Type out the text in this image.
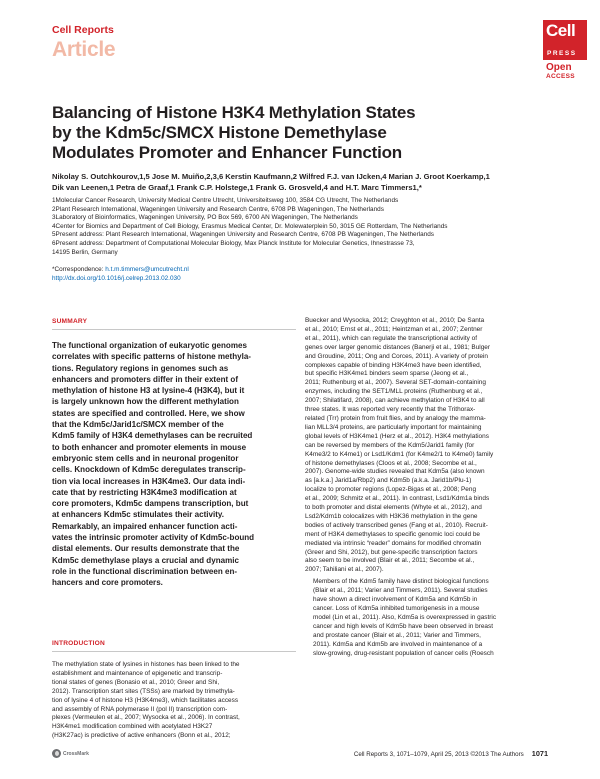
Cell Reports
Article
Cell
PRESS
Open
ACCESS
Balancing of Histone H3K4 Methylation States
by the Kdm5c/SMCX Histone Demethylase
Modulates Promoter and Enhancer Function
Nikolay S. Outchkourov,1,5 Jose M. Muiño,2,3,6 Kerstin Kaufmann,2 Wilfred F.J. van IJcken,4 Marian J. Groot Koerkamp,1
Dik van Leenen,1 Petra de Graaf,1 Frank C.P. Holstege,1 Frank G. Grosveld,4 and H.T. Marc Timmers1,*
1Molecular Cancer Research, University Medical Centre Utrecht, Universiteitsweg 100, 3584 CG Utrecht, The Netherlands
2Plant Research International, Wageningen University and Research Centre, 6708 PB Wageningen, The Netherlands
3Laboratory of Bioinformatics, Wageningen University, PO Box 569, 6700 AN Wageningen, The Netherlands
4Center for Biomics and Department of Cell Biology, Erasmus Medical Center, Dr. Molewaterplein 50, 3015 GE Rotterdam, The Netherlands
5Present address: Plant Research International, Wageningen University and Research Centre, 6708 PB Wageningen, The Netherlands
6Present address: Department of Computational Molecular Biology, Max Planck Institute for Molecular Genetics, Ihnestrasse 73,
14195 Berlin, Germany
*Correspondence: h.t.m.timmers@umcutrecht.nl
http://dx.doi.org/10.1016/j.celrep.2013.02.030
SUMMARY
The functional organization of eukaryotic genomes
correlates with specific patterns of histone methyla-
tions. Regulatory regions in genomes such as
enhancers and promoters differ in their extent of
methylation of histone H3 at lysine-4 (H3K4), but it
is largely unknown how the different methylation
states are specified and controlled. Here, we show
that the Kdm5c/Jarid1c/SMCX member of the
Kdm5 family of H3K4 demethylases can be recruited
to both enhancer and promoter elements in mouse
embryonic stem cells and in neuronal progenitor
cells. Knockdown of Kdm5c deregulates transcrip-
tion via local increases in H3K4me3. Our data indi-
cate that by restricting H3K4me3 modification at
core promoters, Kdm5c dampens transcription, but
at enhancers Kdm5c stimulates their activity.
Remarkably, an impaired enhancer function acti-
vates the intrinsic promoter activity of Kdm5c-bound
distal elements. Our results demonstrate that the
Kdm5c demethylase plays a crucial and dynamic
role in the functional discrimination between en-
hancers and core promoters.
INTRODUCTION
The methylation state of lysines in histones has been linked to the
establishment and maintenance of epigenetic and transcrip-
tional states of genes (Bonasio et al., 2010; Greer and Shi,
2012). Transcription start sites (TSSs) are marked by trimethyla-
tion of lysine 4 of histone H3 (H3K4me3), which facilitates access
and assembly of RNA polymerase II (pol II) transcription com-
plexes (Vermeulen et al., 2007; Wysocka et al., 2006). In contrast,
H3K4me1 modification combined with acetylated H3K27
(H3K27ac) is predictive of active enhancers (Bonn et al., 2012;

Buecker and Wysocka, 2012; Creyghton et al., 2010; De Santa
et al., 2010; Ernst et al., 2011; Heintzman et al., 2007; Zentner
et al., 2011), which can regulate the transcriptional activity of
genes over larger genomic distances (Banerji et al., 1981; Bulger
and Groudine, 2011; Ong and Corces, 2011). A variety of protein
complexes capable of binding H3K4me3 have been identified,
but specific H3K4me1 binders seem sparse (Jeong et al.,
2011; Ruthenburg et al., 2007). Several SET-domain-containing
enzymes, including the SET1/MLL proteins (Ruthenburg et al.,
2007; Shilatifard, 2008), can achieve methylation of H3K4 to all
three states. It was reported very recently that the Trithorax-
related (Trr) protein from fruit flies, and by analogy the mamma-
lian MLL3/4 proteins, are particularly important for maintaining
global levels of H3K4me1 (Herz et al., 2012). H3K4 methylations
can be reversed by members of the Kdm5/Jarid1 family (for
K4me3/2 to K4me1) or Lsd1/Kdm1 (for K4me2/1 to K4me0) family
of histone demethylases (Cloos et al., 2008; Secombe et al.,
2007). Genome-wide studies revealed that Kdm5a (also known
as [a.k.a.] Jarid1a/Rbp2) and Kdm5b (a.k.a. Jarid1b/Plu-1)
localize to promoter regions (Lopez-Bigas et al., 2008; Peng
et al., 2009; Schmitz et al., 2011). In contrast, Lsd1/Kdm1a binds
to both promoter and distal elements (Whyte et al., 2012), and
Lsd2/Kdm1b colocalizes with H3K36 methylation in the gene
bodies of actively transcribed genes (Fang et al., 2010). Recruit-
ment of H3K4 demethylases to specific genomic loci could be
mediated via intrinsic “reader” domains for modified chromatin
(Greer and Shi, 2012), but gene-specific transcription factors
also seem to be involved (Blair et al., 2011; Secombe et al.,
2007; Tahiliani et al., 2007).

Members of the Kdm5 family have distinct biological functions
(Blair et al., 2011; Varier and Timmers, 2011). Several studies
have shown a direct involvement of Kdm5a and Kdm5b in
cancer. Loss of Kdm5a inhibited tumorigenesis in a mouse
model (Lin et al., 2011). Also, Kdm5a is overexpressed in gastric
cancer and high levels of Kdm5b have been observed in breast
and prostate cancer (Blair et al., 2011; Varier and Timmers,
2011). Kdm5a and Kdm5b are involved in maintenance of a
slow-growing, drug-resistant population of cancer cells (Roesch

CrossMark	Cell Reports 3, 1071–1079, April 25, 2013 ©2013 The Authors 1071
